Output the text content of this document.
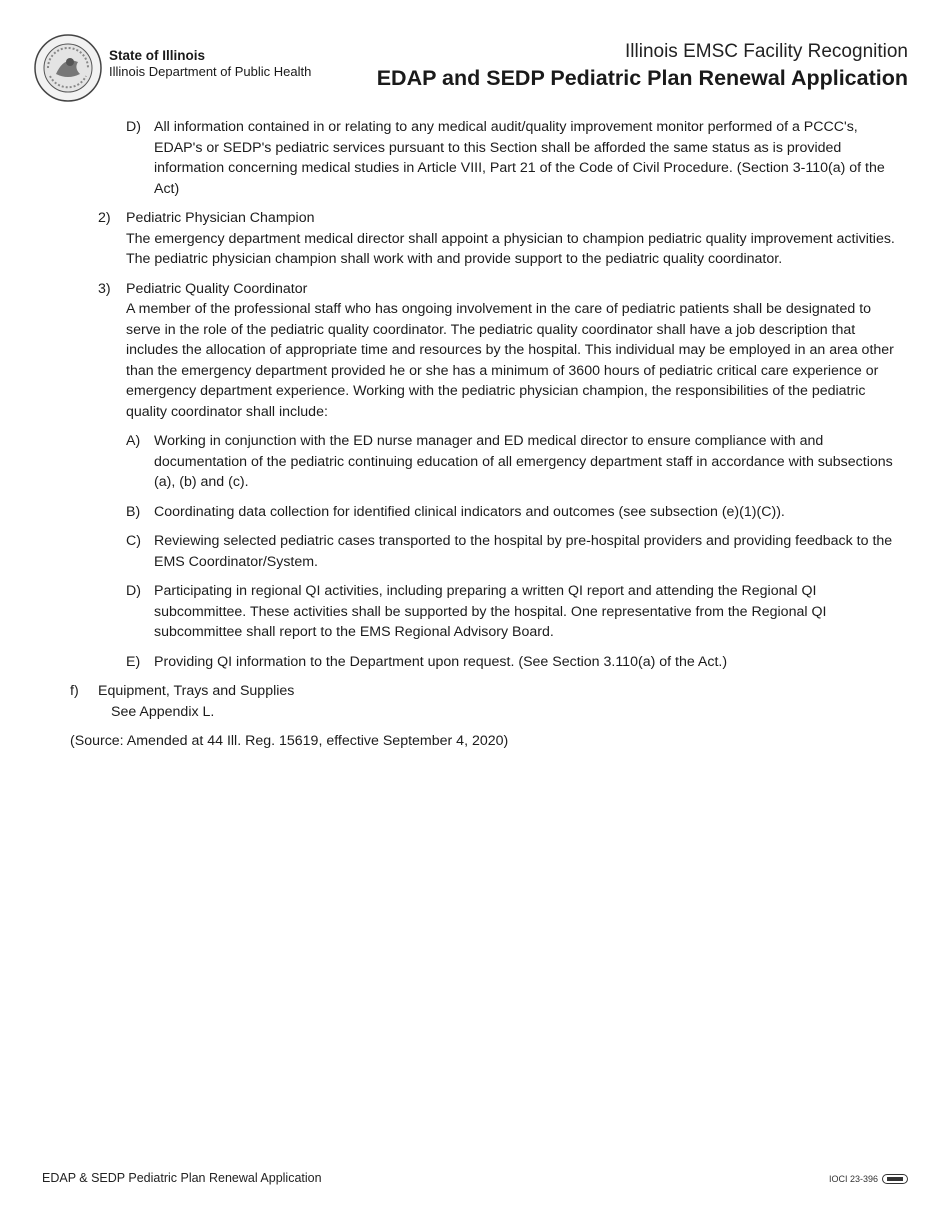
State of Illinois
Illinois Department of Public Health
Illinois EMSC Facility Recognition
EDAP and SEDP Pediatric Plan Renewal Application
D) All information contained in or relating to any medical audit/quality improvement monitor performed of a PCCC's, EDAP's or SEDP's pediatric services pursuant to this Section shall be afforded the same status as is provided information concerning medical studies in Article VIII, Part 21 of the Code of Civil Procedure. (Section 3-110(a) of the Act)
2) Pediatric Physician Champion
The emergency department medical director shall appoint a physician to champion pediatric quality improvement activities. The pediatric physician champion shall work with and provide support to the pediatric quality coordinator.
3) Pediatric Quality Coordinator
A member of the professional staff who has ongoing involvement in the care of pediatric patients shall be designated to serve in the role of the pediatric quality coordinator. The pediatric quality coordinator shall have a job description that includes the allocation of appropriate time and resources by the hospital. This individual may be employed in an area other than the emergency department provided he or she has a minimum of 3600 hours of pediatric critical care experience or emergency department experience. Working with the pediatric physician champion, the responsibilities of the pediatric quality coordinator shall include:
A) Working in conjunction with the ED nurse manager and ED medical director to ensure compliance with and documentation of the pediatric continuing education of all emergency department staff in accordance with subsections (a), (b) and (c).
B) Coordinating data collection for identified clinical indicators and outcomes (see subsection (e)(1)(C)).
C) Reviewing selected pediatric cases transported to the hospital by pre-hospital providers and providing feedback to the EMS Coordinator/System.
D) Participating in regional QI activities, including preparing a written QI report and attending the Regional QI subcommittee. These activities shall be supported by the hospital. One representative from the Regional QI subcommittee shall report to the EMS Regional Advisory Board.
E) Providing QI information to the Department upon request. (See Section 3.110(a) of the Act.)
f) Equipment, Trays and Supplies
See Appendix L.
(Source: Amended at 44 Ill. Reg. 15619, effective September 4, 2020)
EDAP & SEDP Pediatric Plan Renewal Application	IOCI 23-396
